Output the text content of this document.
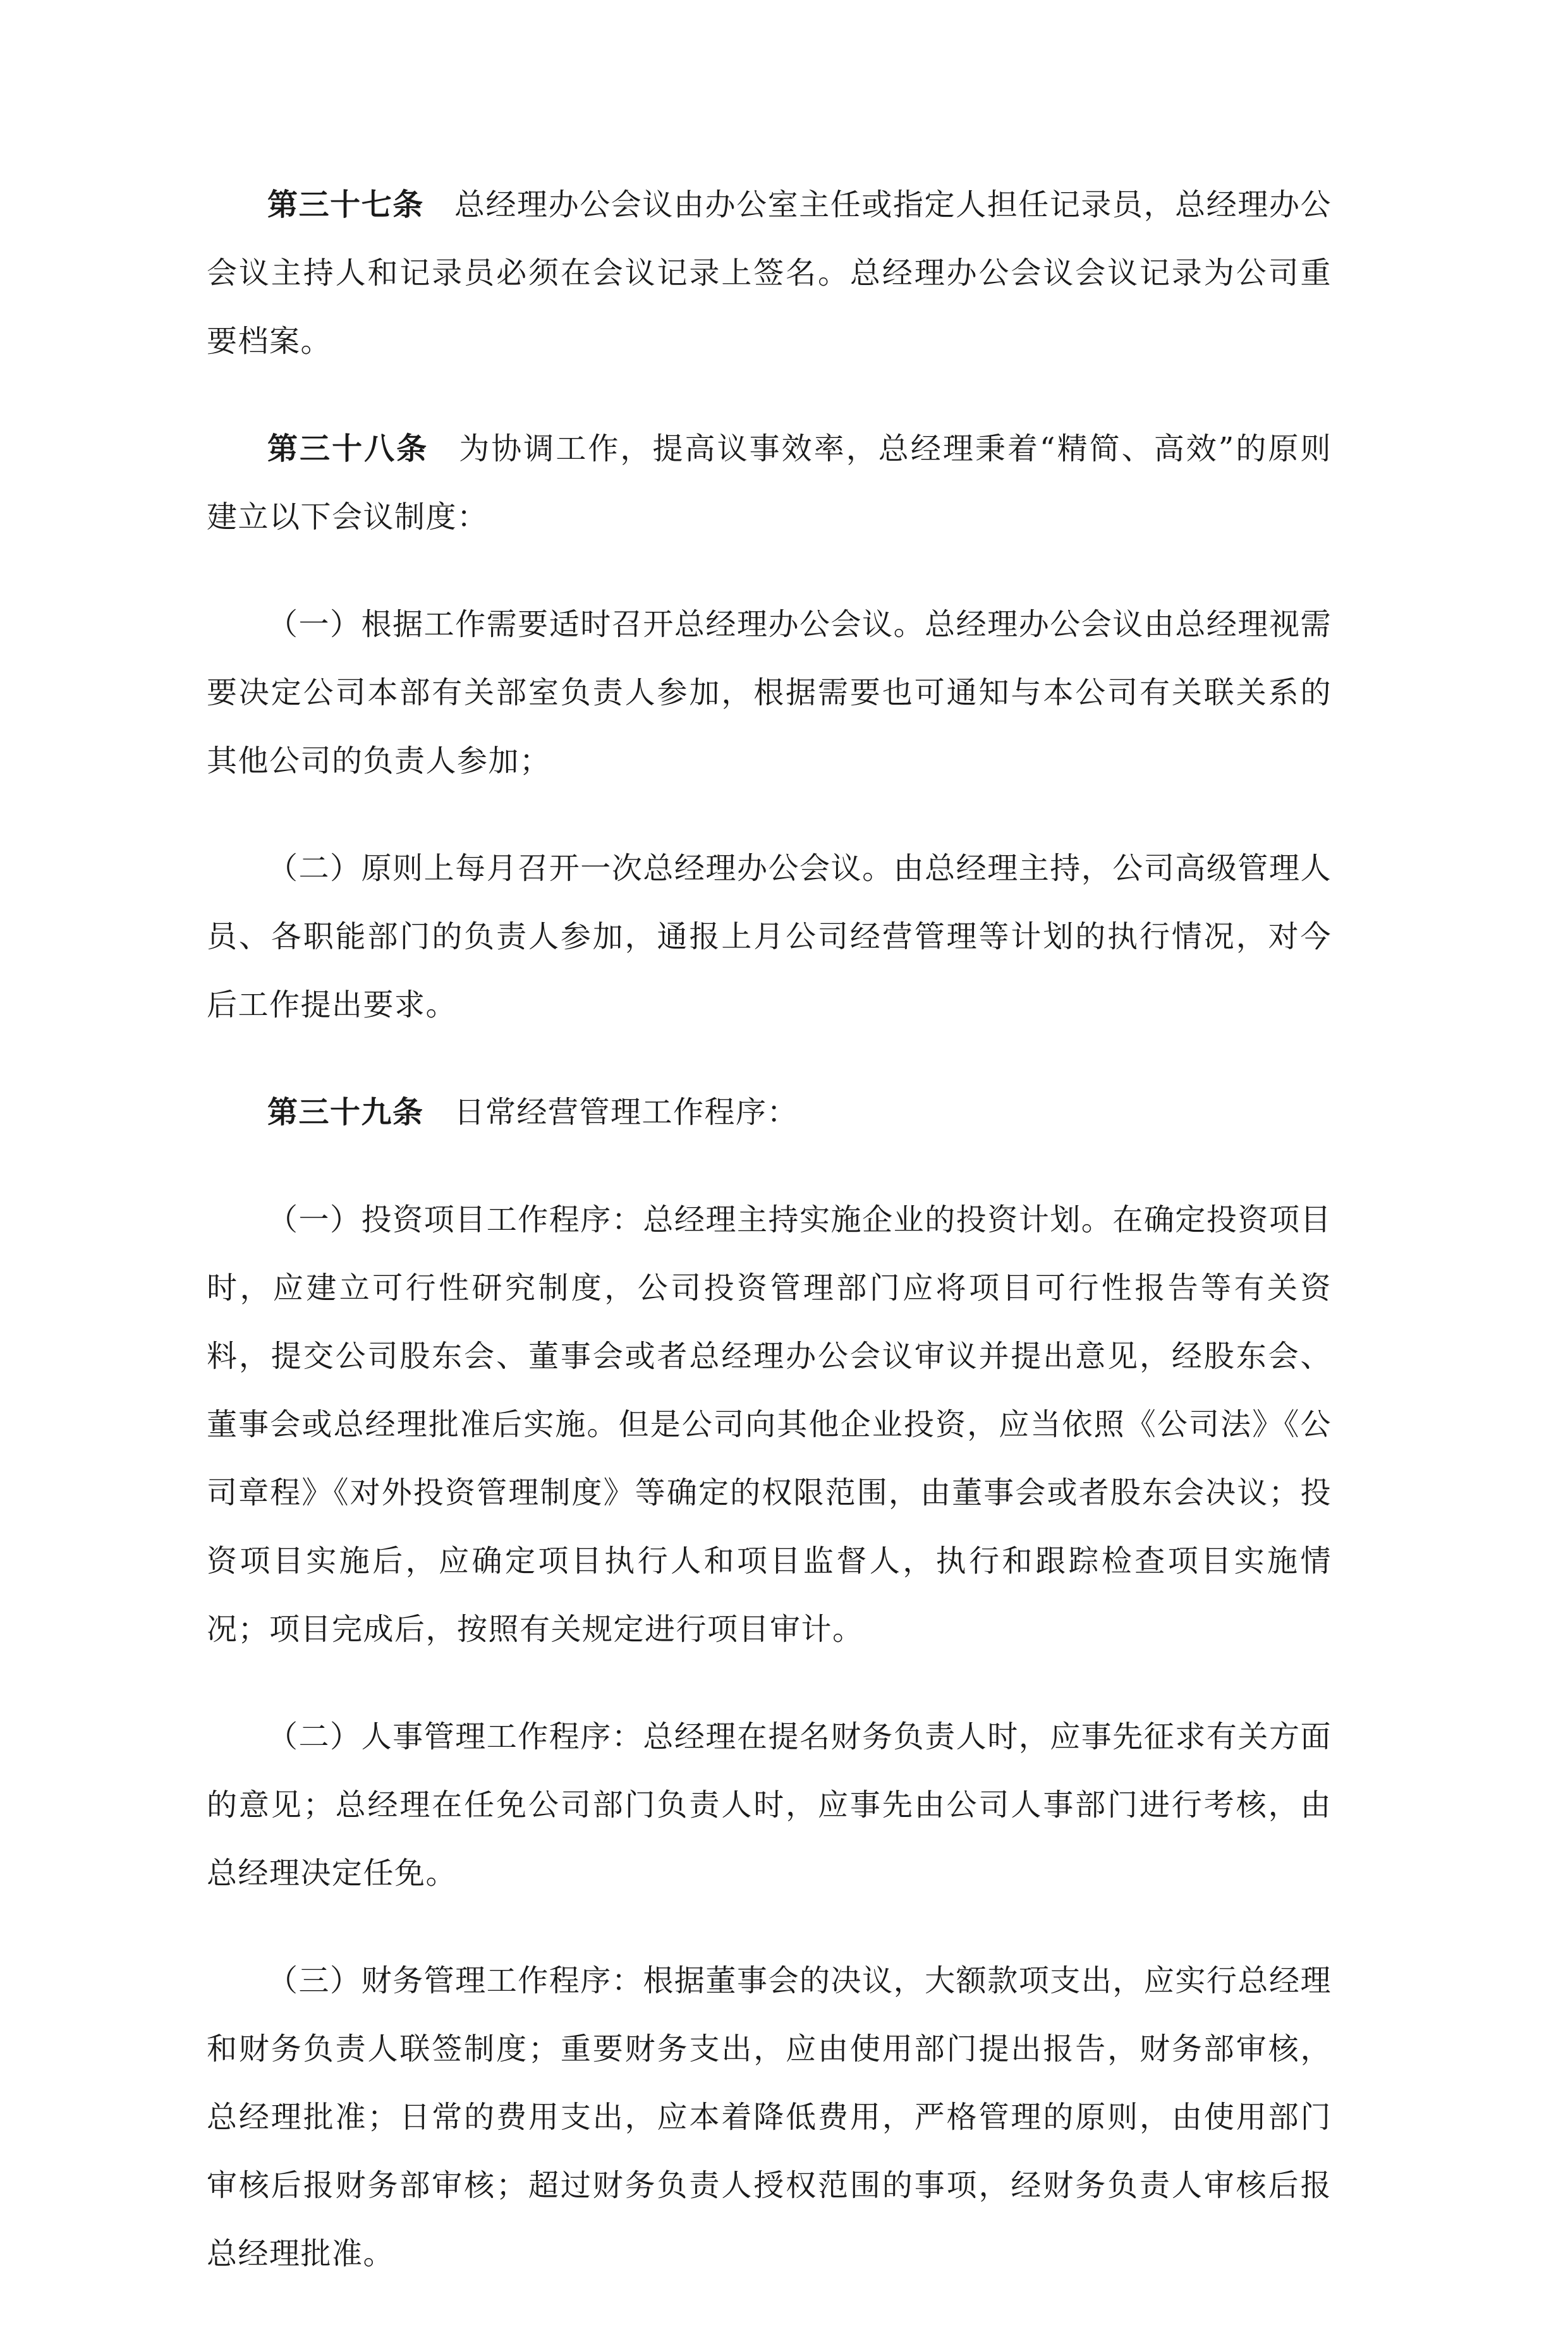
第三十七条 总经理办公会议由办公室主任或指定人担任记录员，总经理办公会议主持人和记录员必须在会议记录上签名。总经理办公会议会议记录为公司重要档案。

第三十八条 为协调工作，提高议事效率，总经理秉着“精简、高效”的原则建立以下会议制度：

（一）根据工作需要适时召开总经理办公会议。总经理办公会议由总经理视需要决定公司本部有关部室负责人参加，根据需要也可通知与本公司有关联关系的其他公司的负责人参加；

（二）原则上每月召开一次总经理办公会议。由总经理主持，公司高级管理人员、各职能部门的负责人参加，通报上月公司经营管理等计划的执行情况，对今后工作提出要求。

第三十九条 日常经营管理工作程序：

（一）投资项目工作程序：总经理主持实施企业的投资计划。在确定投资项目时，应建立可行性研究制度，公司投资管理部门应将项目可行性报告等有关资料，提交公司股东会、董事会或者总经理办公会议审议并提出意见，经股东会、董事会或总经理批准后实施。但是公司向其他企业投资，应当依照《公司法》《公司章程》《对外投资管理制度》等确定的权限范围，由董事会或者股东会决议；投资项目实施后，应确定项目执行人和项目监督人，执行和跟踪检查项目实施情况；项目完成后，按照有关规定进行项目审计。

（二）人事管理工作程序：总经理在提名财务负责人时，应事先征求有关方面的意见；总经理在任免公司部门负责人时，应事先由公司人事部门进行考核，由总经理决定任免。

（三）财务管理工作程序：根据董事会的决议，大额款项支出，应实行总经理和财务负责人联签制度；重要财务支出，应由使用部门提出报告，财务部审核，总经理批准；日常的费用支出，应本着降低费用，严格管理的原则，由使用部门审核后报财务部审核；超过财务负责人授权范围的事项，经财务负责人审核后报总经理批准。
